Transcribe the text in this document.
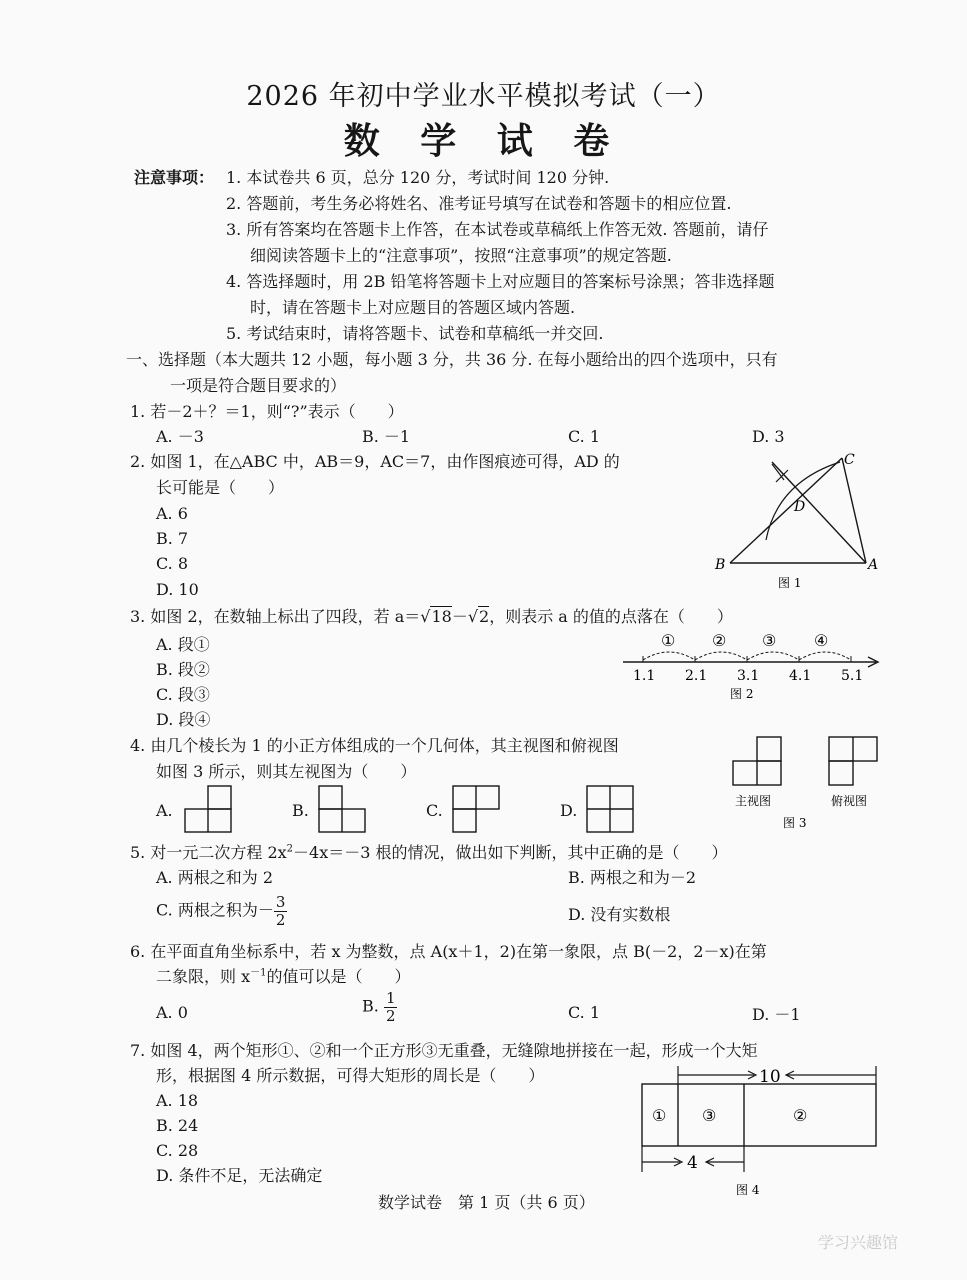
2026 年初中学业水平模拟考试（一）
数 学 试 卷
注意事项： 1. 本试卷共 6 页，总分 120 分，考试时间 120 分钟.
2. 答题前，考生务必将姓名、准考证号填写在试卷和答题卡的相应位置.
3. 所有答案均在答题卡上作答，在本试卷或草稿纸上作答无效. 答题前，请仔
细阅读答题卡上的“注意事项”，按照“注意事项”的规定答题.
4. 答选择题时，用 2B 铅笔将答题卡上对应题目的答案标号涂黑；答非选择题
时，请在答题卡上对应题目的答题区域内答题.
5. 考试结束时，请将答题卡、试卷和草稿纸一并交回.
一、选择题（本大题共 12 小题，每小题 3 分，共 36 分. 在每小题给出的四个选项中，只有
一项是符合题目要求的）
1. 若－2＋？＝1，则“?”表示（　　）
A. －3	B. －1	C. 1	D. 3
2. 如图 1，在△ABC 中，AB＝9，AC＝7，由作图痕迹可得，AD 的
长可能是（　　）
A. 6
B. 7
C. 8
D. 10
C
D
B	A
图 1
3. 如图 2，在数轴上标出了四段，若 a＝√18－√2，则表示 a 的值的点落在（　　）
A. 段①
B. 段②
C. 段③
D. 段④
① ② ③ ④
1.1 2.1 3.1 4.1 5.1
图 2
4. 由几个棱长为 1 的小正方体组成的一个几何体，其主视图和俯视图
如图 3 所示，则其左视图为（　　）
A.	B.	C.	D.	主视图	俯视图
图 3
5. 对一元二次方程 $2x^2-4x=-3$ 根的情况，做出如下判断，其中正确的是（　　）
A. 两根之和为 2	B. 两根之和为－2
C. 两根之积为－ $\frac{3}{2}$	D. 没有实数根
6. 在平面直角坐标系中，若 x 为整数，点 A(x＋1，2)在第一象限，点 B(－2，2－x)在第
二象限，则 $x^{-1}$的值可以是（　　）
A. 0	B. $\frac{1}{2}$	C. 1	D. －1
7. 如图 4，两个矩形①、②和一个正方形③无重叠，无缝隙地拼接在一起，形成一个大矩
形，根据图 4 所示数据，可得大矩形的周长是（　　）
A. 18
B. 24
C. 28
D. 条件不足，无法确定
10
① ③	②
4
图 4
数学试卷　第 1 页（共 6 页）
学习兴趣馆
